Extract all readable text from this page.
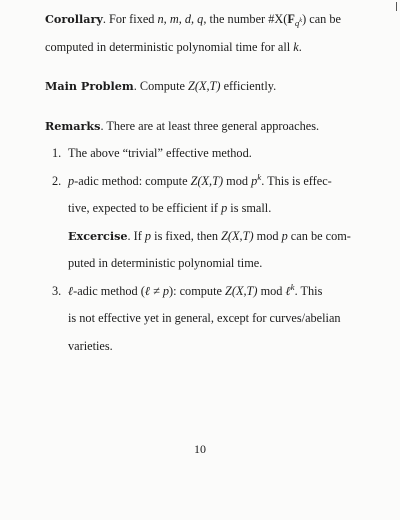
Corollary. For fixed n, m, d, q, the number $\#X(F_{q^k})$ can be
computed in deterministic polynomial time for all k.
Main Problem. Compute Z(X,T) efficiently.
Remarks. There are at least three general approaches.
1. The above “trivial” effective method.
2. p-adic method: compute Z(X,T) mod $p^k$. This is effec-
tive, expected to be efficient if p is small.
Excercise. If p is fixed, then Z(X,T) mod p can be com-
puted in deterministic polynomial time.
3. ℓ-adic method (ℓ ≠ p): compute Z(X,T) mod ℓ$^k$. This
is not effective yet in general, except for curves/abelian
varieties.
10
